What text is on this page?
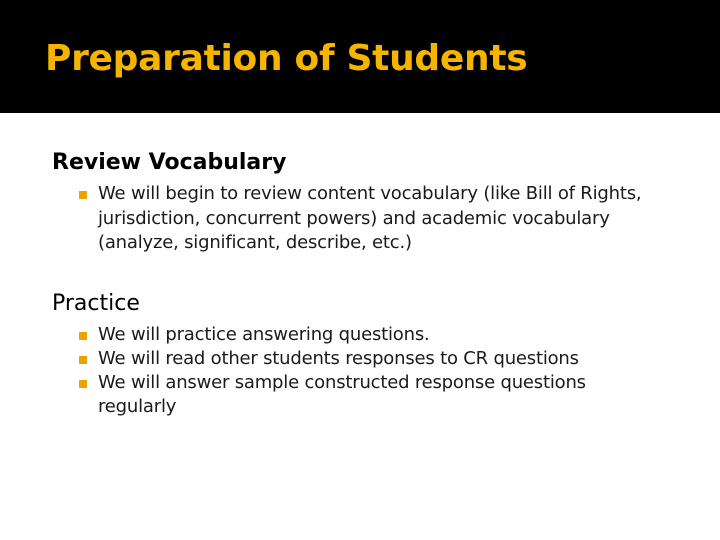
Preparation of Students
Review Vocabulary
We will begin to review content vocabulary (like Bill of Rights, jurisdiction, concurrent powers) and academic vocabulary (analyze, significant, describe, etc.)
Practice
We will practice answering questions.
We will read other students responses to CR questions
We will answer sample constructed response questions regularly
